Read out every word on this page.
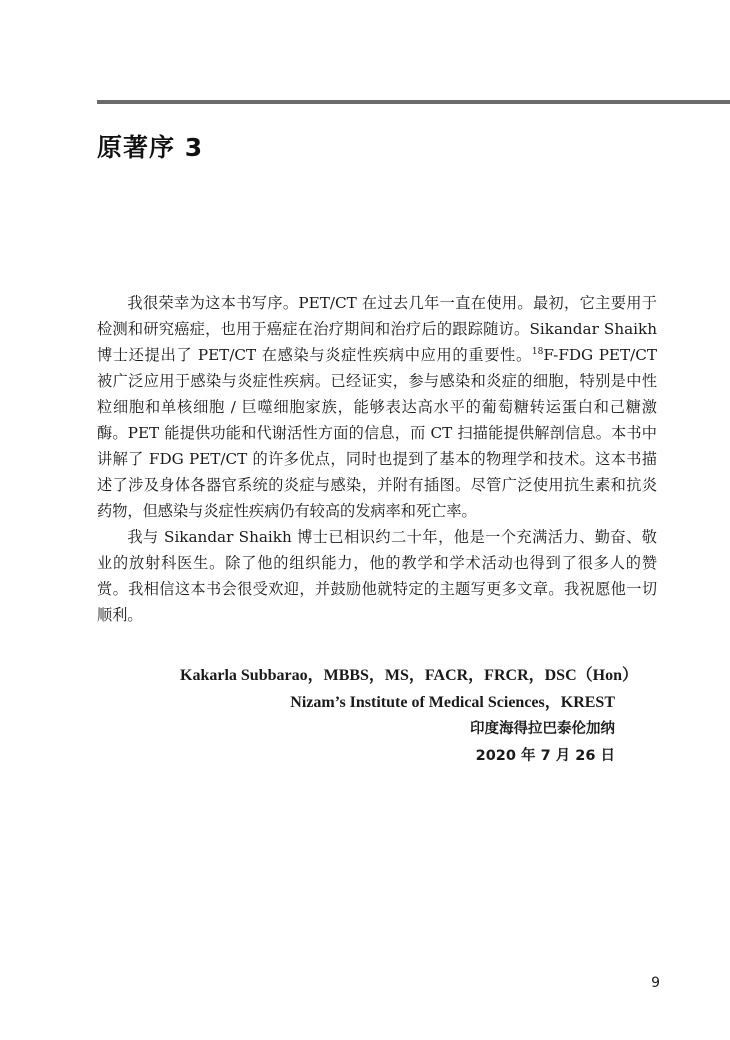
原著序 3

我很荣幸为这本书写序。PET/CT 在过去几年一直在使用。最初，它主要用于检测和研究癌症，也用于癌症在治疗期间和治疗后的跟踪随访。Sikandar Shaikh 博士还提出了 PET/CT 在感染与炎症性疾病中应用的重要性。$^{18}$F-FDG PET/CT 被广泛应用于感染与炎症性疾病。已经证实，参与感染和炎症的细胞，特别是中性粒细胞和单核细胞 / 巨噬细胞家族，能够表达高水平的葡萄糖转运蛋白和己糖激酶。PET 能提供功能和代谢活性方面的信息，而 CT 扫描能提供解剖信息。本书中讲解了 FDG PET/CT 的许多优点，同时也提到了基本的物理学和技术。这本书描述了涉及身体各器官系统的炎症与感染，并附有插图。尽管广泛使用抗生素和抗炎药物，但感染与炎症性疾病仍有较高的发病率和死亡率。

我与 Sikandar Shaikh 博士已相识约二十年，他是一个充满活力、勤奋、敬业的放射科医生。除了他的组织能力，他的教学和学术活动也得到了很多人的赞赏。我相信这本书会很受欢迎，并鼓励他就特定的主题写更多文章。我祝愿他一切顺利。

Kakarla Subbarao，MBBS，MS，FACR，FRCR，DSC（Hon）
Nizam’s Institute of Medical Sciences，KREST
印度海得拉巴泰伦加纳
2020 年 7 月 26 日
9
